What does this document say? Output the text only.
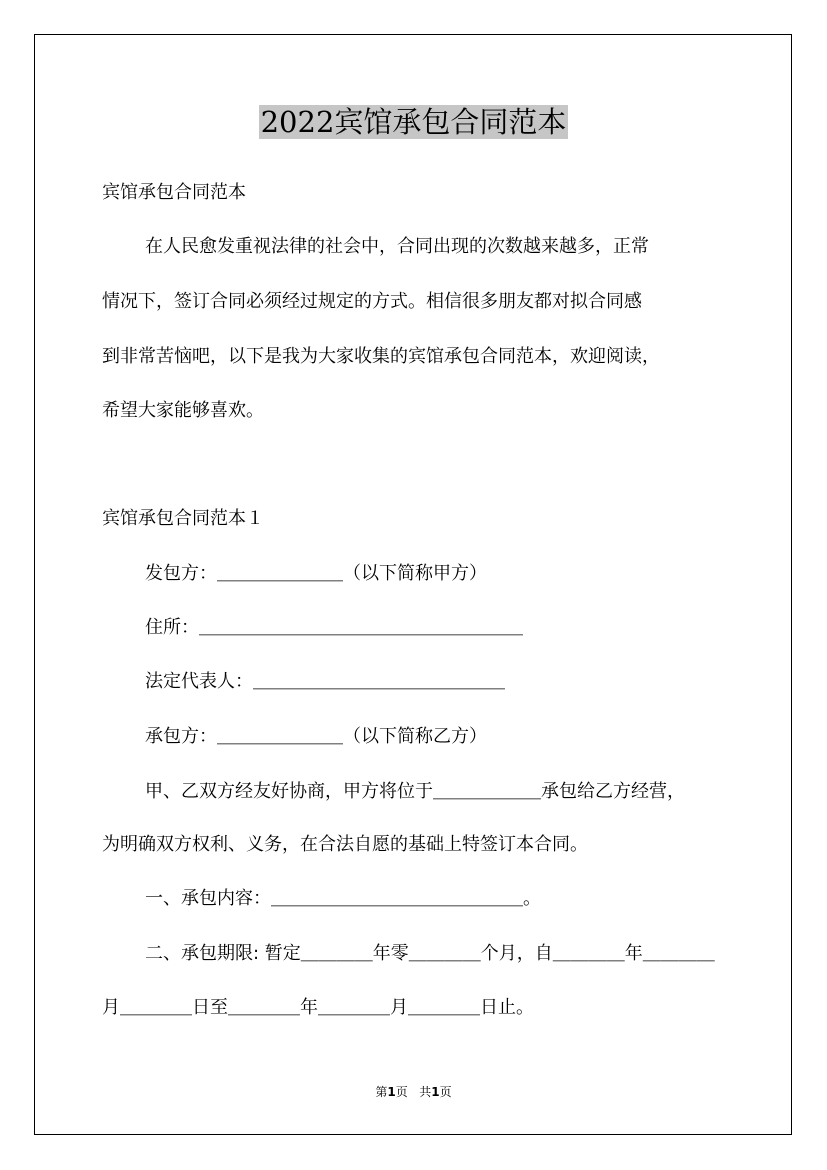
2022宾馆承包合同范本
宾馆承包合同范本
在人民愈发重视法律的社会中，合同出现的次数越来越多，正常
情况下，签订合同必须经过规定的方式。相信很多朋友都对拟合同感
到非常苦恼吧，以下是我为大家收集的宾馆承包合同范本，欢迎阅读，
希望大家能够喜欢。
宾馆承包合同范本１
发包方：＿＿＿＿＿＿＿（以下简称甲方）
住所：＿＿＿＿＿＿＿＿＿＿＿＿＿＿＿＿＿＿
法定代表人：＿＿＿＿＿＿＿＿＿＿＿＿＿＿
承包方：＿＿＿＿＿＿＿（以下简称乙方）
甲、乙双方经友好协商，甲方将位于＿＿＿＿＿＿承包给乙方经营，
为明确双方权利、义务，在合法自愿的基础上特签订本合同。
一、承包内容：＿＿＿＿＿＿＿＿＿＿＿＿＿＿。
二、承包期限: 暂定＿＿＿＿年零＿＿＿＿个月，自＿＿＿＿年＿＿＿＿
月＿＿＿＿日至＿＿＿＿年＿＿＿＿月＿＿＿＿日止。
第1页   共1页
